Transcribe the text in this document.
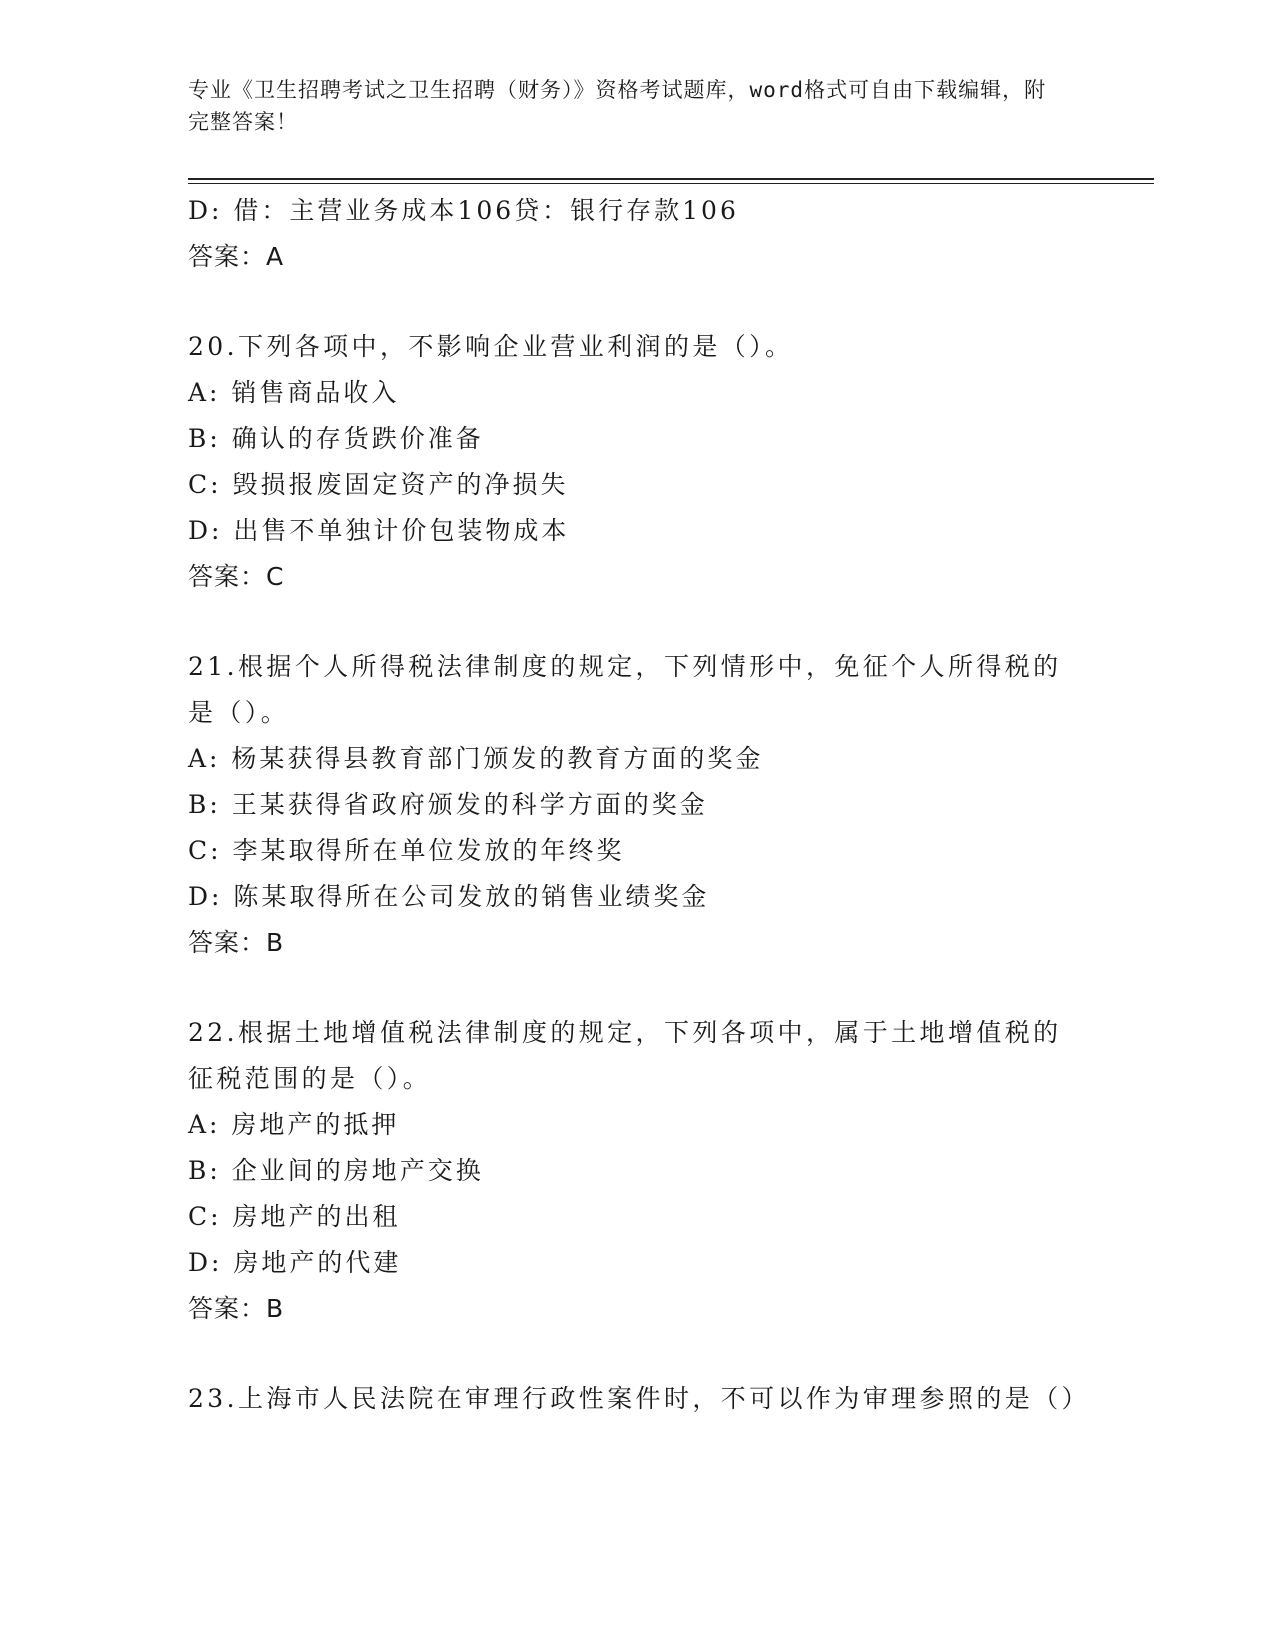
专业《卫生招聘考试之卫生招聘（财务）》资格考试题库，word格式可自由下载编辑，附完整答案！

D: 借：主营业务成本106贷：银行存款106

答案：A

20.下列各项中，不影响企业营业利润的是（）。

A: 销售商品收入

B: 确认的存货跌价准备

C: 毁损报废固定资产的净损失

D: 出售不单独计价包装物成本

答案：C

21.根据个人所得税法律制度的规定，下列情形中，免征个人所得税的是（）。

A: 杨某获得县教育部门颁发的教育方面的奖金

B: 王某获得省政府颁发的科学方面的奖金

C: 李某取得所在单位发放的年终奖

D: 陈某取得所在公司发放的销售业绩奖金

答案：B

22.根据土地增值税法律制度的规定，下列各项中，属于土地增值税的征税范围的是（）。

A: 房地产的抵押

B: 企业间的房地产交换

C: 房地产的出租

D: 房地产的代建

答案：B

23.上海市人民法院在审理行政性案件时，不可以作为审理参照的是（）
